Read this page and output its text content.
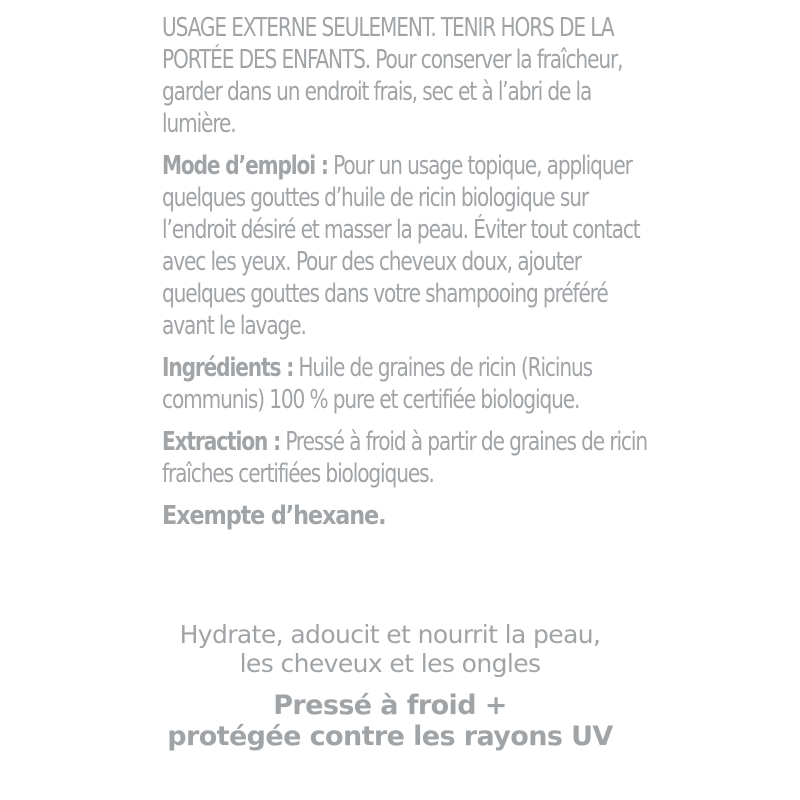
USAGE EXTERNE SEULEMENT. TENIR HORS DE LA PORTÉE DES ENFANTS. Pour conserver la fraîcheur, garder dans un endroit frais, sec et à l’abri de la lumière.

Mode d’emploi : Pour un usage topique, appliquer quelques gouttes d’huile de ricin biologique sur l’endroit désiré et masser la peau. Éviter tout contact avec les yeux. Pour des cheveux doux, ajouter quelques gouttes dans votre shampooing préféré avant le lavage.

Ingrédients : Huile de graines de ricin (Ricinus communis) 100 % pure et certifiée biologique.

Extraction : Pressé à froid à partir de graines de ricin fraîches certifiées biologiques.

Exempte d’hexane.

Hydrate, adoucit et nourrit la peau,
les cheveux et les ongles
Pressé à froid +
protégée contre les rayons UV
